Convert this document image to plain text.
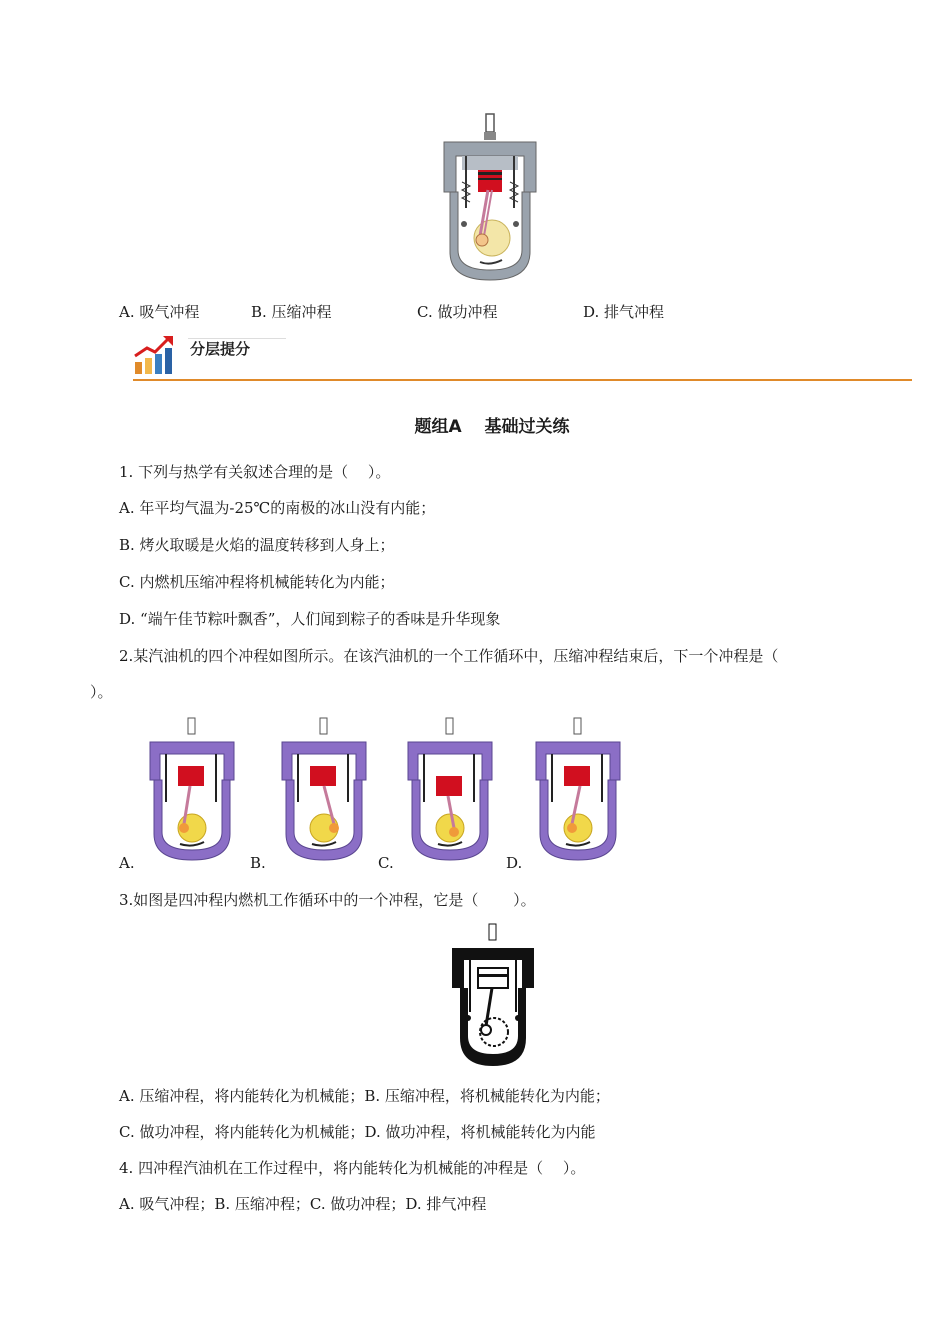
A. 吸气冲程	B. 压缩冲程	C. 做功冲程	D. 排气冲程
分层提分
题组A　 基础过关练
1. 下列与热学有关叙述合理的是（　 ）。
A. 年平均气温为-25℃的南极的冰山没有内能；
B. 烤火取暖是火焰的温度转移到人身上；
C. 内燃机压缩冲程将机械能转化为内能；
D. “端午佳节粽叶飘香”，人们闻到粽子的香味是升华现象
2.某汽油机的四个冲程如图所示。在该汽油机的一个工作循环中，压缩冲程结束后，下一个冲程是（
）。
A.	B.	C.	D.
3.如图是四冲程内燃机工作循环中的一个冲程，它是（　　 ）。
A. 压缩冲程，将内能转化为机械能；B. 压缩冲程，将机械能转化为内能；
C. 做功冲程，将内能转化为机械能；D. 做功冲程，将机械能转化为内能
4. 四冲程汽油机在工作过程中，将内能转化为机械能的冲程是（　 ）。
A. 吸气冲程；B. 压缩冲程；C. 做功冲程；D. 排气冲程
